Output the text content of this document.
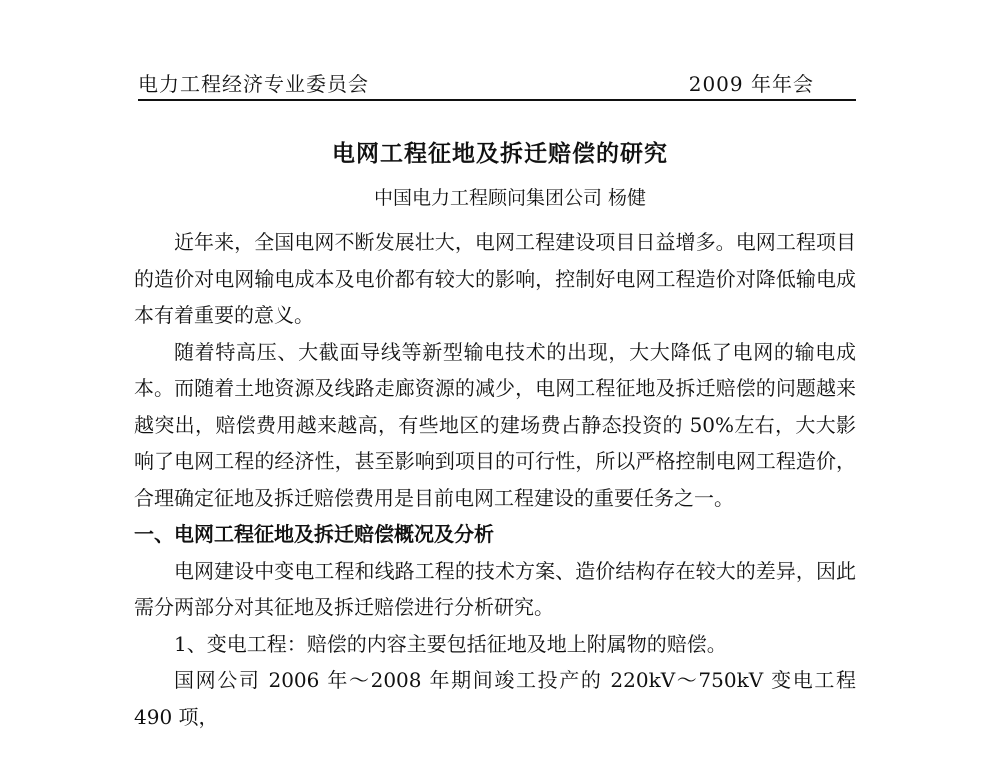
电力工程经济专业委员会	2009 年年会
电网工程征地及拆迁赔偿的研究
中国电力工程顾问集团公司 杨健

近年来，全国电网不断发展壮大，电网工程建设项目日益增多。电网工程项目的造价对电网输电成本及电价都有较大的影响，控制好电网工程造价对降低输电成本有着重要的意义。

随着特高压、大截面导线等新型输电技术的出现，大大降低了电网的输电成本。而随着土地资源及线路走廊资源的减少，电网工程征地及拆迁赔偿的问题越来越突出，赔偿费用越来越高，有些地区的建场费占静态投资的 50%左右，大大影响了电网工程的经济性，甚至影响到项目的可行性，所以严格控制电网工程造价，合理确定征地及拆迁赔偿费用是目前电网工程建设的重要任务之一。

一、电网工程征地及拆迁赔偿概况及分析

电网建设中变电工程和线路工程的技术方案、造价结构存在较大的差异，因此需分两部分对其征地及拆迁赔偿进行分析研究。

1、变电工程：赔偿的内容主要包括征地及地上附属物的赔偿。

国网公司 2006 年～2008 年期间竣工投产的 220kV～750kV 变电工程 490 项，
